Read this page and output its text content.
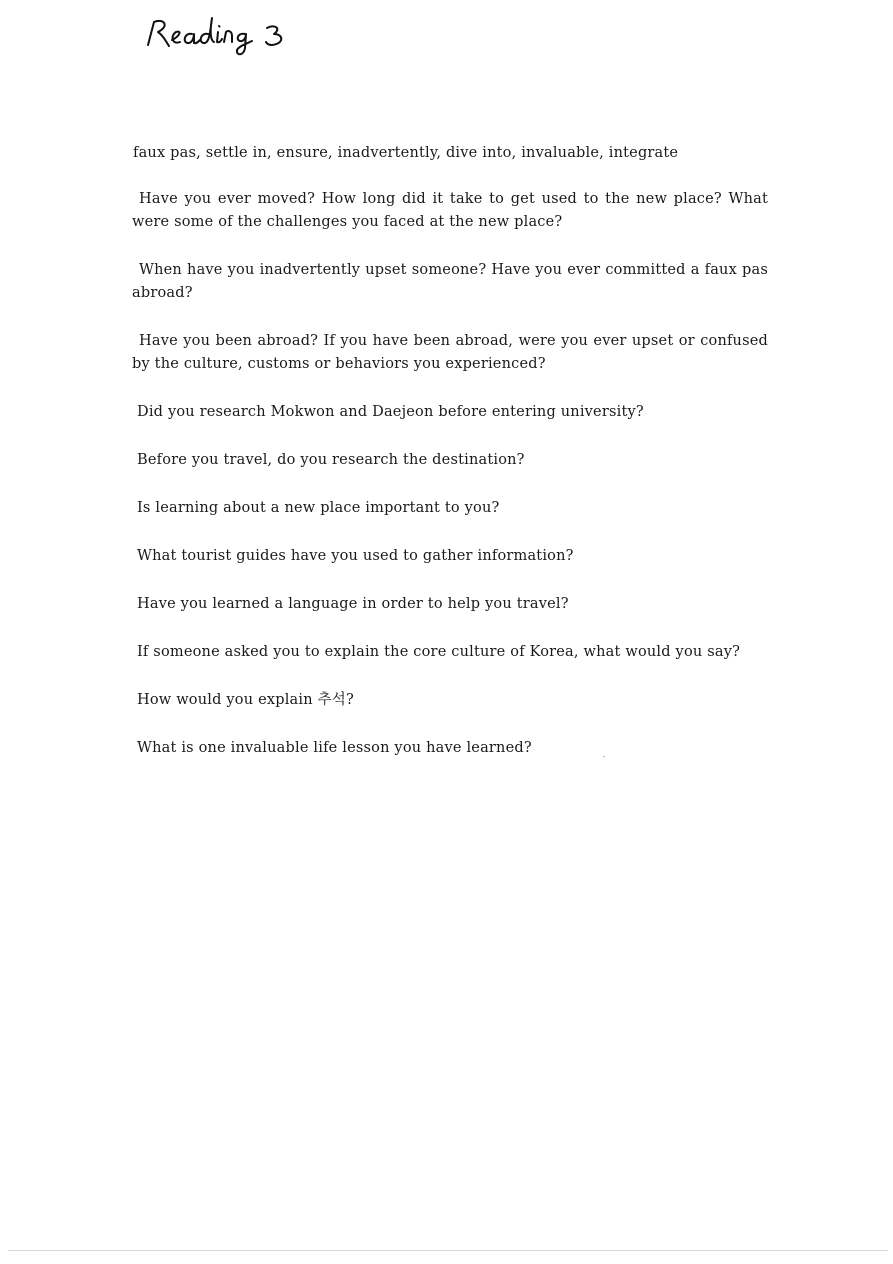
faux pas, settle in, ensure, inadvertently, dive into, invaluable, integrate

Have you ever moved? How long did it take to get used to the new place? What were some of the challenges you faced at the new place?

When have you inadvertently upset someone? Have you ever committed a faux pas abroad?

Have you been abroad? If you have been abroad, were you ever upset or confused by the culture, customs or behaviors you experienced?

Did you research Mokwon and Daejeon before entering university?

Before you travel, do you research the destination?

Is learning about a new place important to you?

What tourist guides have you used to gather information?

Have you learned a language in order to help you travel?

If someone asked you to explain the core culture of Korea, what would you say?

How would you explain 추석?

What is one invaluable life lesson you have learned?
